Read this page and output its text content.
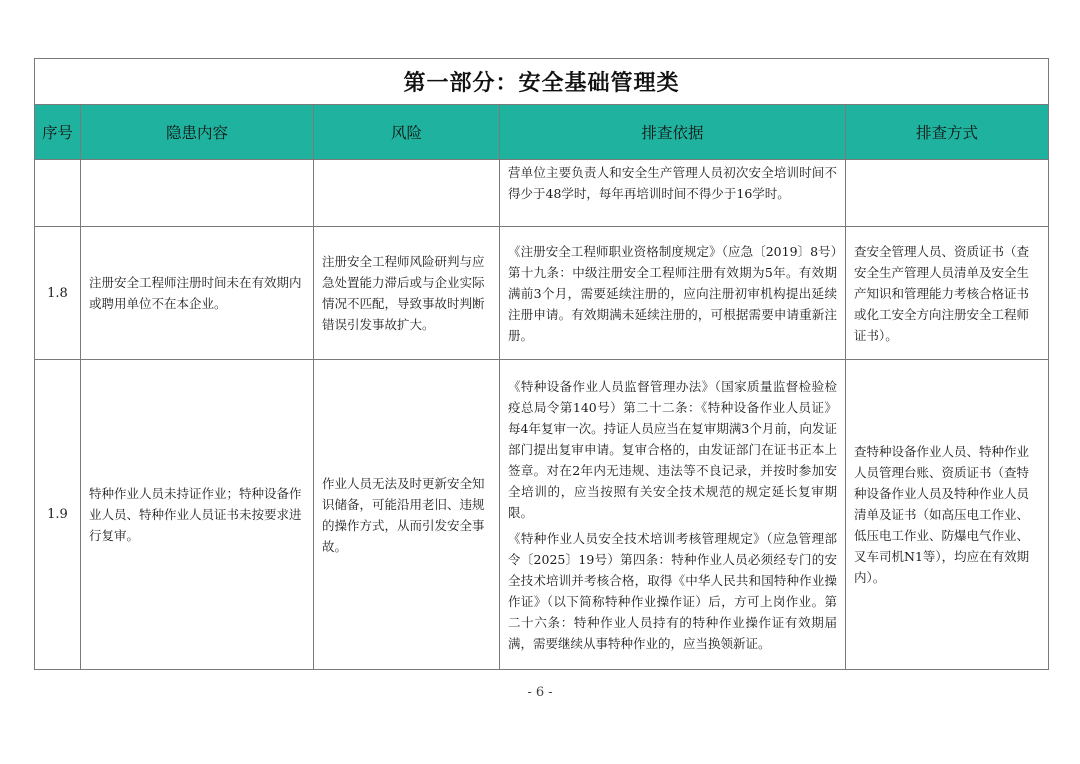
第一部分：安全基础管理类				
序号	隐患内容	风险	排查依据	排查方式

			营单位主要负责人和安全生产管理人员初次安全培训时间不得少于48学时，每年再培训时间不得少于16学时。	

1.8	注册安全工程师注册时间未在有效期内或聘用单位不在本企业。	注册安全工程师风险研判与应急处置能力滞后或与企业实际情况不匹配，导致事故时判断错误引发事故扩大。	《注册安全工程师职业资格制度规定》（应急〔2019〕8号）第十九条：中级注册安全工程师注册有效期为5年。有效期满前3个月，需要延续注册的，应向注册初审机构提出延续注册申请。有效期满未延续注册的，可根据需要申请重新注册。	查安全管理人员、资质证书（查安全生产管理人员清单及安全生产知识和管理能力考核合格证书或化工安全方向注册安全工程师证书）。
1.9	特种作业人员未持证作业；特种设备作业人员、特种作业人员证书未按要求进行复审。	作业人员无法及时更新安全知识储备，可能沿用老旧、违规的操作方式，从而引发安全事故。	《特种设备作业人员监督管理办法》（国家质量监督检验检疫总局令第140号）第二十二条：《特种设备作业人员证》每4年复审一次。持证人员应当在复审期满3个月前，向发证部门提出复审申请。复审合格的，由发证部门在证书正本上签章。对在2年内无违规、违法等不良记录，并按时参加安全培训的，应当按照有关安全技术规范的规定延长复审期限。

《特种作业人员安全技术培训考核管理规定》（应急管理部令〔2025〕19号）第四条：特种作业人员必须经专门的安全技术培训并考核合格，取得《中华人民共和国特种作业操作证》（以下简称特种作业操作证）后，方可上岗作业。第二十六条：特种作业人员持有的特种作业操作证有效期届满，需要继续从事特种作业的，应当换领新证。	查特种设备作业人员、特种作业人员管理台账、资质证书（查特种设备作业人员及特种作业人员清单及证书（如高压电工作业、低压电工作业、防爆电气作业、叉车司机N1等），均应在有效期内）。
- 6 -
